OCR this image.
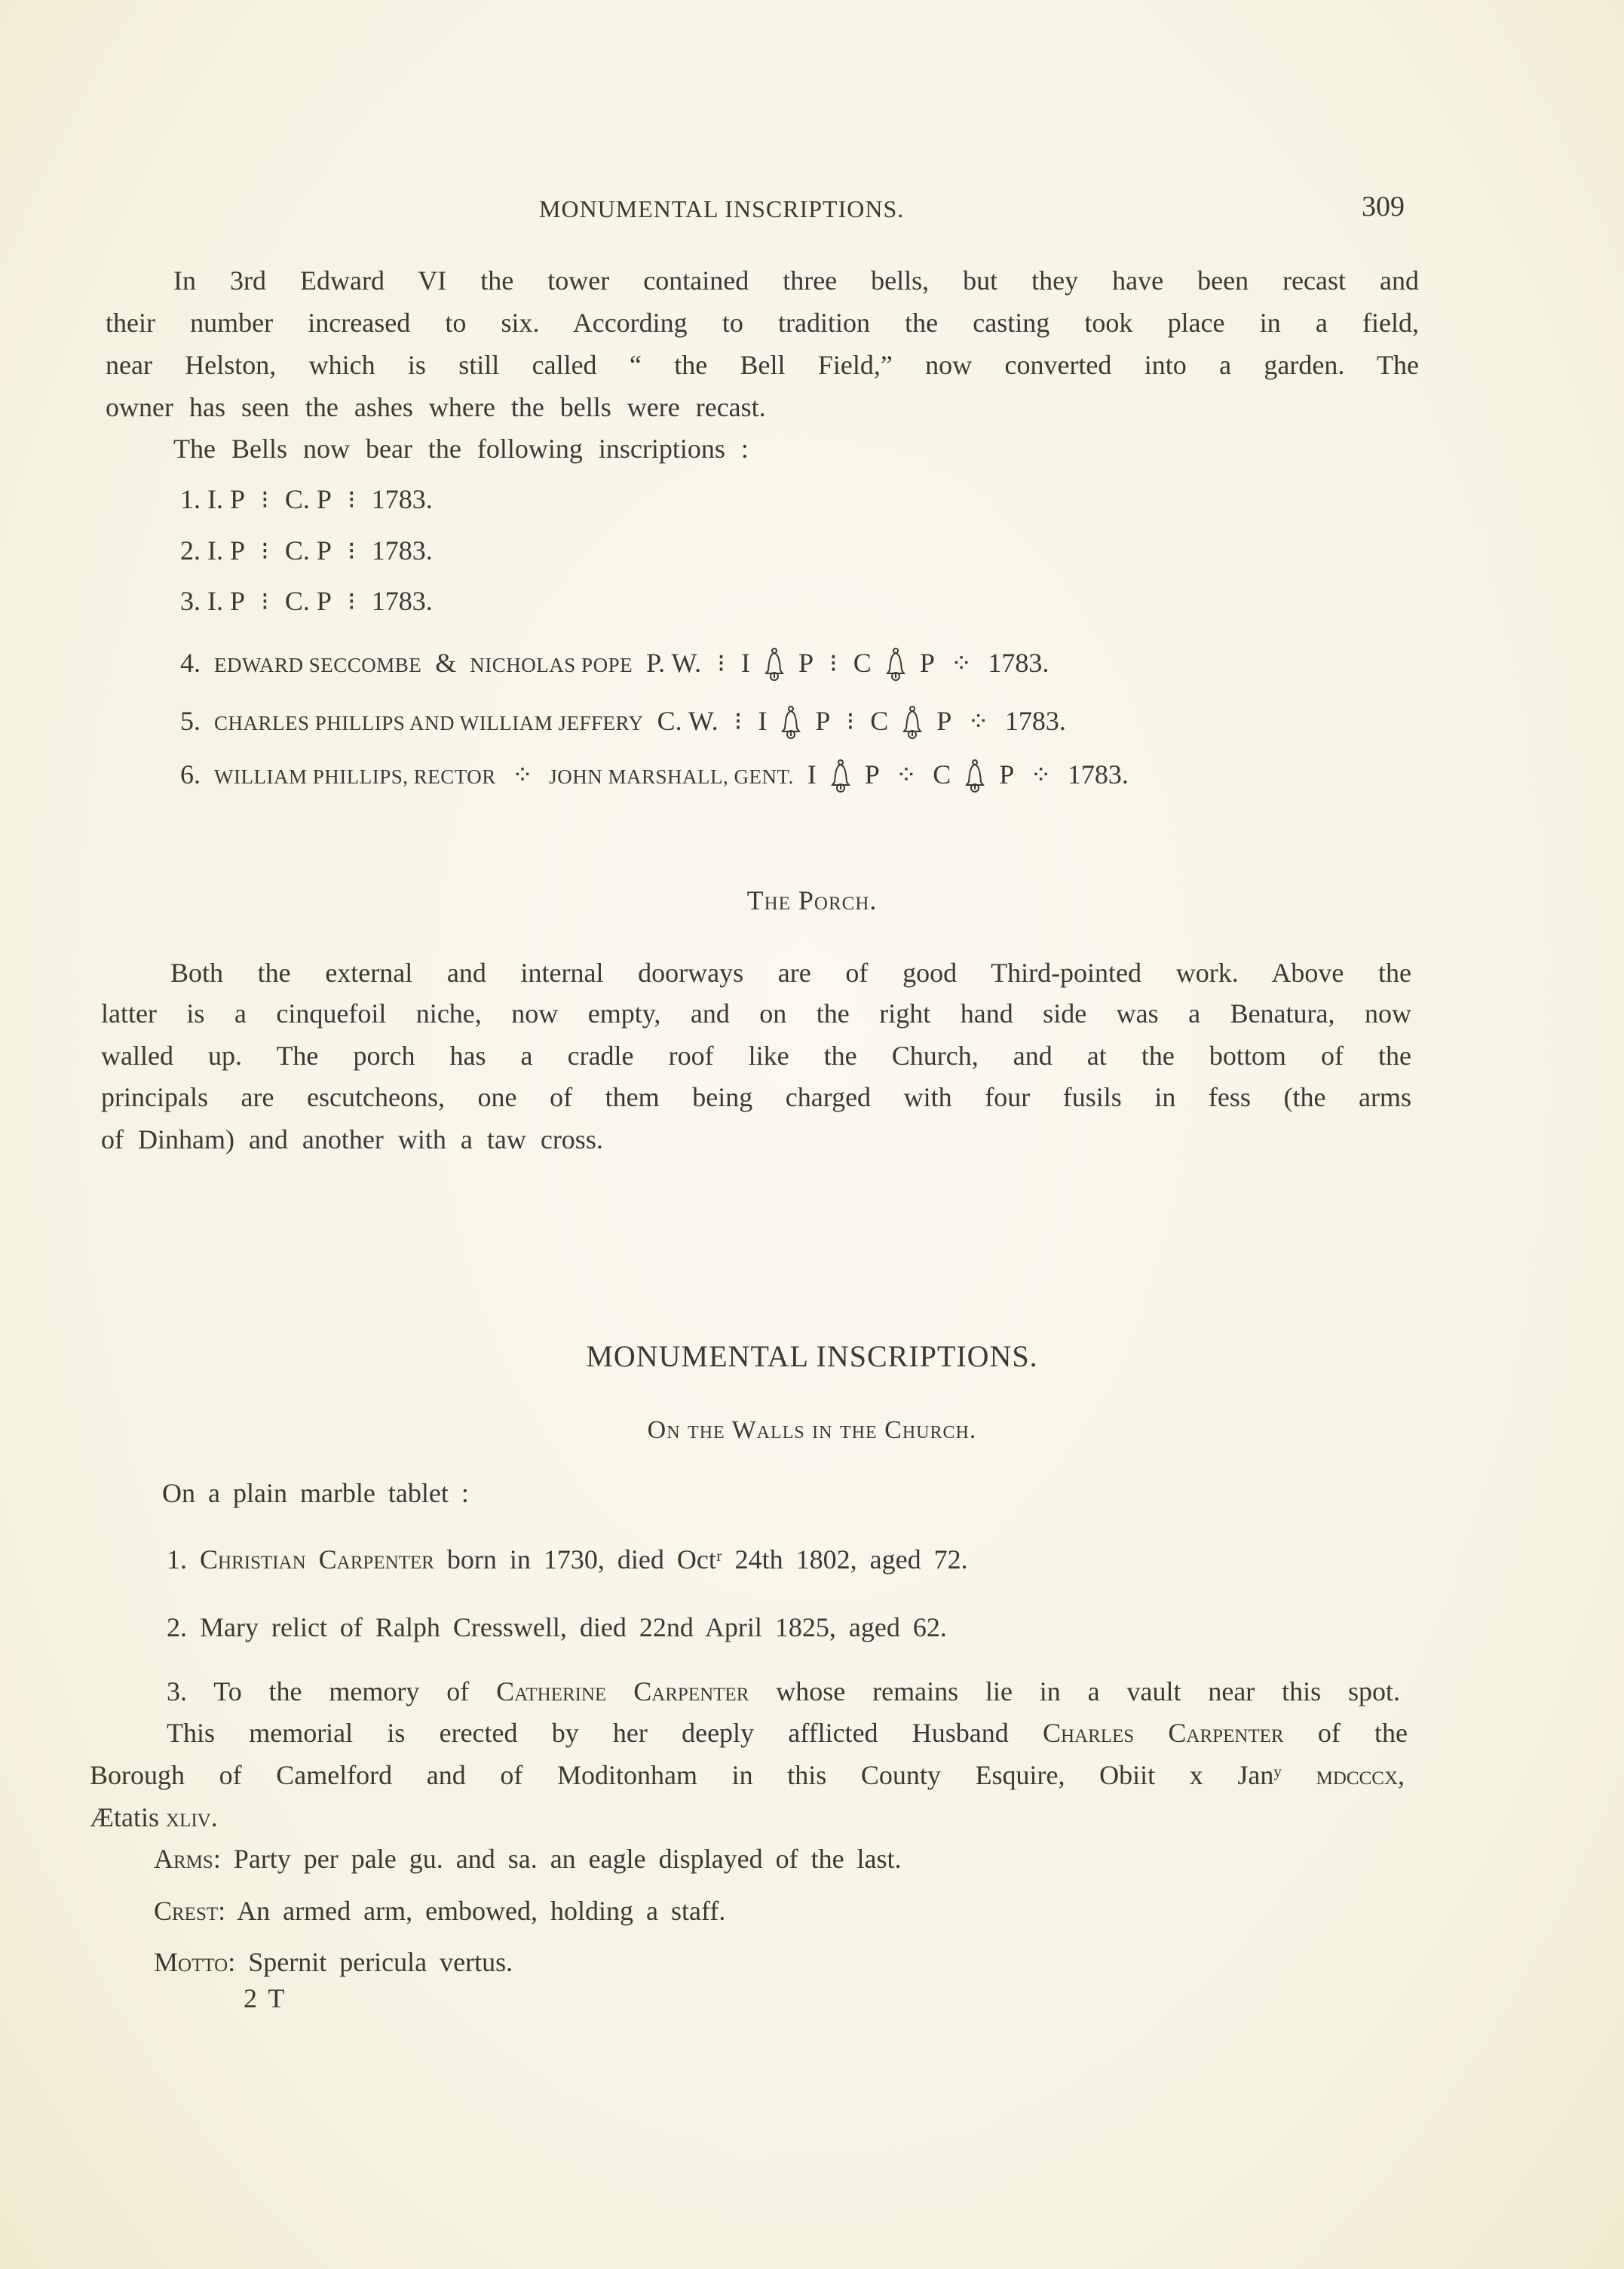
MONUMENTAL INSCRIPTIONS.	309
In 3rd Edward VI the tower contained three bells, but they have been recast and
their number increased to six. According to tradition the casting took place in a field,
near Helston, which is still called “ the Bell Field,” now converted into a garden. The
owner has seen the ashes where the bells were recast.
The Bells now bear the following inscriptions :
1. I. P ⁝ C. P ⁝ 1783.
2. I. P ⁝ C. P ⁝ 1783.
3. I. P ⁝ C. P ⁝ 1783.
4. EDWARD SECCOMBE & NICHOLAS POPE P. W. ⁝ I P ⁝ C P ⁘ 1783.
5. CHARLES PHILLIPS AND WILLIAM JEFFERY C. W. ⁝ I P ⁝ C P ⁘ 1783.
6. WILLIAM PHILLIPS, RECTOR ⁘ JOHN MARSHALL, GENT. I P ⁘ C P ⁘ 1783.
The Porch.
Both the external and internal doorways are of good Third-pointed work. Above the
latter is a cinquefoil niche, now empty, and on the right hand side was a Benatura, now
walled up. The porch has a cradle roof like the Church, and at the bottom of the
principals are escutcheons, one of them being charged with four fusils in fess (the arms
of Dinham) and another with a taw cross.
MONUMENTAL INSCRIPTIONS.
On the Walls in the Church.
On a plain marble tablet :
1. Christian Carpenter born in 1730, died Octʳ 24th 1802, aged 72.
2. Mary relict of Ralph Cresswell, died 22nd April 1825, aged 62.
3. To the memory of Catherine Carpenter whose remains lie in a vault near this spot.
This memorial is erected by her deeply afflicted Husband Charles Carpenter of the
Borough of Camelford and of Moditonham in this County Esquire, Obiit x Janʸ mdcccx,
Ætatis xliv.
Arms: Party per pale gu. and sa. an eagle displayed of the last.
Crest: An armed arm, embowed, holding a staff.
Motto: Spernit pericula vertus.
2 T
